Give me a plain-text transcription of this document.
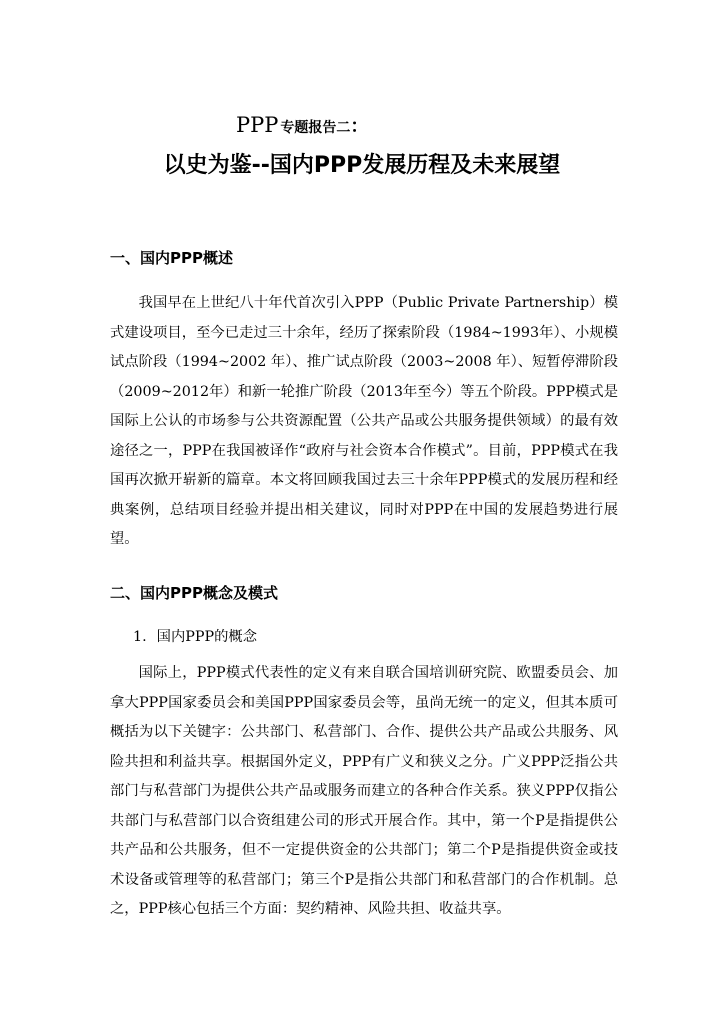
PPP 专题报告二：
以史为鉴--国内PPP发展历程及未来展望
一、国内PPP概述
我国早在上世纪八十年代首次引入PPP（Public Private Partnership）模式建设项目，至今已走过三十余年，经历了探索阶段（1984~1993年）、小规模试点阶段（1994~2002 年）、推广试点阶段（2003~2008 年）、短暂停滞阶段（2009~2012年）和新一轮推广阶段（2013年至今）等五个阶段。PPP模式是国际上公认的市场参与公共资源配置（公共产品或公共服务提供领域）的最有效途径之一，PPP在我国被译作“政府与社会资本合作模式”。目前，PPP模式在我国再次掀开崭新的篇章。本文将回顾我国过去三十余年PPP模式的发展历程和经典案例，总结项目经验并提出相关建议，同时对PPP在中国的发展趋势进行展望。
二、国内PPP概念及模式
1. 国内PPP的概念
国际上，PPP模式代表性的定义有来自联合国培训研究院、欧盟委员会、加拿大PPP国家委员会和美国PPP国家委员会等，虽尚无统一的定义，但其本质可概括为以下关键字：公共部门、私营部门、合作、提供公共产品或公共服务、风险共担和利益共享。根据国外定义，PPP有广义和狭义之分。广义PPP泛指公共部门与私营部门为提供公共产品或服务而建立的各种合作关系。狭义PPP仅指公共部门与私营部门以合资组建公司的形式开展合作。其中，第一个P是指提供公共产品和公共服务，但不一定提供资金的公共部门；第二个P是指提供资金或技术设备或管理等的私营部门；第三个P是指公共部门和私营部门的合作机制。总之，PPP核心包括三个方面：契约精神、风险共担、收益共享。
